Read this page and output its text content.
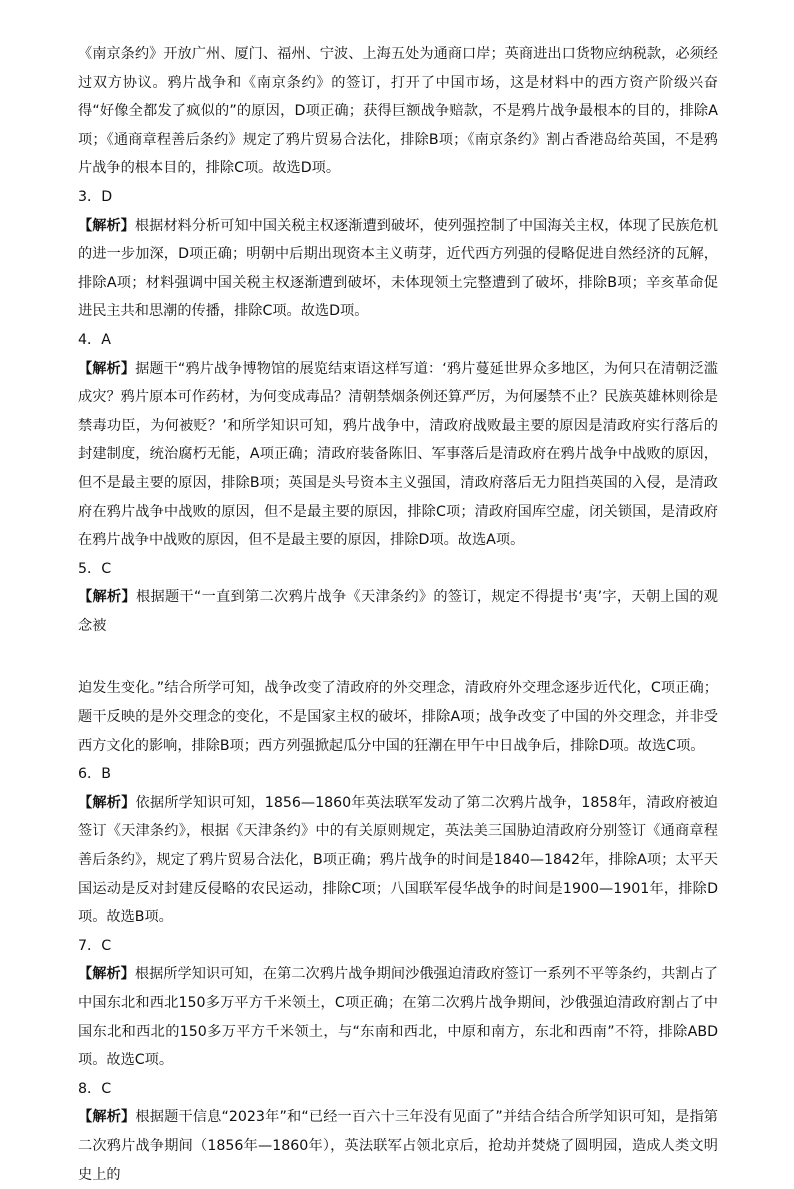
《南京条约》开放广州、厦门、福州、宁波、上海五处为通商口岸；英商进出口货物应纳税款，必须经过双方协议。鸦片战争和《南京条约》的签订，打开了中国市场，这是材料中的西方资产阶级兴奋得“好像全都发了疯似的”的原因，D项正确；获得巨额战争赔款，不是鸦片战争最根本的目的，排除A项；《通商章程善后条约》规定了鸦片贸易合法化，排除B项；《南京条约》割占香港岛给英国，不是鸦片战争的根本目的，排除C项。故选D项。

3．D

【解析】根据材料分析可知中国关税主权逐渐遭到破坏，使列强控制了中国海关主权，体现了民族危机的进一步加深，D项正确；明朝中后期出现资本主义萌芽，近代西方列强的侵略促进自然经济的瓦解，排除A项；材料强调中国关税主权逐渐遭到破坏，未体现领土完整遭到了破坏，排除B项；辛亥革命促进民主共和思潮的传播，排除C项。故选D项。

4．A

【解析】据题干“鸦片战争博物馆的展览结束语这样写道：‘鸦片蔓延世界众多地区，为何只在清朝泛滥成灾？鸦片原本可作药材，为何变成毒品？清朝禁烟条例还算严厉，为何屡禁不止？民族英雄林则徐是禁毒功臣，为何被贬？’和所学知识可知，鸦片战争中，清政府战败最主要的原因是清政府实行落后的封建制度，统治腐朽无能，A项正确；清政府装备陈旧、军事落后是清政府在鸦片战争中战败的原因，但不是最主要的原因，排除B项；英国是头号资本主义强国，清政府落后无力阻挡英国的入侵，是清政府在鸦片战争中战败的原因，但不是最主要的原因，排除C项；清政府国库空虚，闭关锁国，是清政府在鸦片战争中战败的原因，但不是最主要的原因，排除D项。故选A项。

5．C

【解析】根据题干“一直到第二次鸦片战争《天津条约》的签订，规定不得提书‘夷’字，天朝上国的观念被

迫发生变化。”结合所学可知，战争改变了清政府的外交理念，清政府外交理念逐步近代化，C项正确；题干反映的是外交理念的变化，不是国家主权的破坏，排除A项；战争改变了中国的外交理念，并非受西方文化的影响，排除B项；西方列强掀起瓜分中国的狂潮在甲午中日战争后，排除D项。故选C项。

6．B

【解析】依据所学知识可知，1856—1860年英法联军发动了第二次鸦片战争，1858年，清政府被迫签订《天津条约》，根据《天津条约》中的有关原则规定，英法美三国胁迫清政府分别签订《通商章程善后条约》，规定了鸦片贸易合法化，B项正确；鸦片战争的时间是1840—1842年，排除A项；太平天国运动是反对封建反侵略的农民运动，排除C项；八国联军侵华战争的时间是1900—1901年，排除D项。故选B项。

7．C

【解析】根据所学知识可知，在第二次鸦片战争期间沙俄强迫清政府签订一系列不平等条约，共割占了中国东北和西北150多万平方千米领土，C项正确；在第二次鸦片战争期间，沙俄强迫清政府割占了中国东北和西北的150多万平方千米领土，与“东南和西北，中原和南方，东北和西南”不符，排除ABD项。故选C项。

8．C

【解析】根据题干信息“2023年”和“已经一百六十三年没有见面了”并结合结合所学知识可知，是指第二次鸦片战争期间（1856年—1860年），英法联军占领北京后，抢劫并焚烧了圆明园，造成人类文明史上的
